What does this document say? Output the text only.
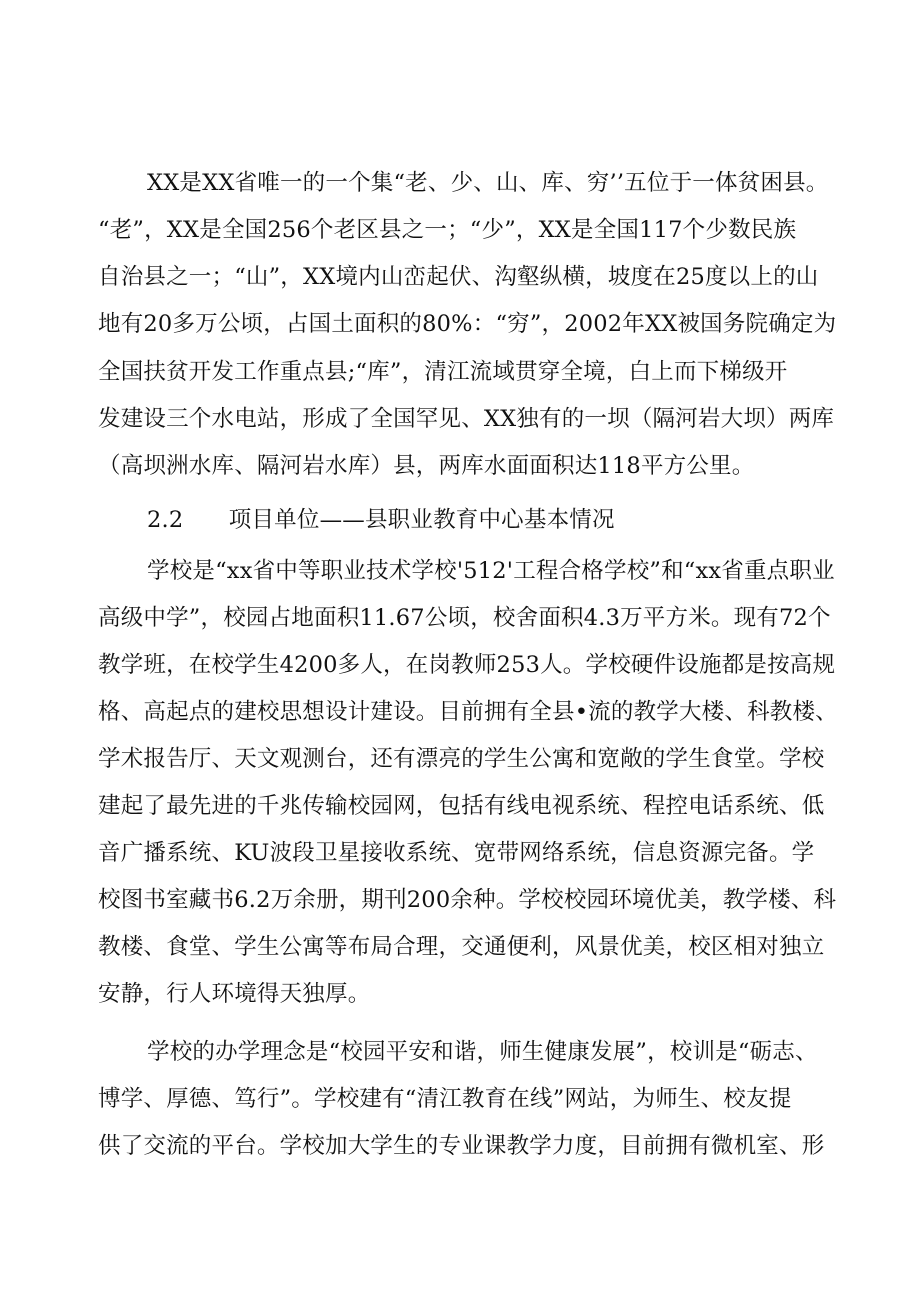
XX是XX省唯一的一个集“老、少、山、库、穷’’五位于一体贫困县。
“老”，XX是全国256个老区县之一；“少”，XX是全国117个少数民族
自治县之一；“山”，XX境内山峦起伏、沟壑纵横，坡度在25度以上的山
地有20多万公顷，占国土面积的80%：“穷”，2002年XX被国务院确定为
全国扶贫开发工作重点县;“库”，清江流域贯穿全境，白上而下梯级开
发建设三个水电站，形成了全国罕见、XX独有的一坝（隔河岩大坝）两库
（高坝洲水库、隔河岩水库）县，两库水面面积达118平方公里。
2.2　　项目单位——县职业教育中心基本情况
学校是“xx省中等职业技术学校'512'工程合格学校”和“xx省重点职业
高级中学”，校园占地面积11.67公顷，校舍面积4.3万平方米。现有72个
教学班，在校学生4200多人，在岗教师253人。学校硬件设施都是按高规
格、高起点的建校思想设计建设。目前拥有全县•流的教学大楼、科教楼、
学术报告厅、天文观测台，还有漂亮的学生公寓和宽敞的学生食堂。学校
建起了最先进的千兆传输校园网，包括有线电视系统、程控电话系统、低
音广播系统、KU波段卫星接收系统、宽带网络系统，信息资源完备。学
校图书室藏书6.2万余册，期刊200余种。学校校园环境优美，教学楼、科
教楼、食堂、学生公寓等布局合理，交通便利，风景优美，校区相对独立
安静，行人环境得天独厚。
学校的办学理念是“校园平安和谐，师生健康发展”，校训是“砺志、
博学、厚德、笃行”。学校建有“清江教育在线”网站，为师生、校友提
供了交流的平台。学校加大学生的专业课教学力度，目前拥有微机室、形
